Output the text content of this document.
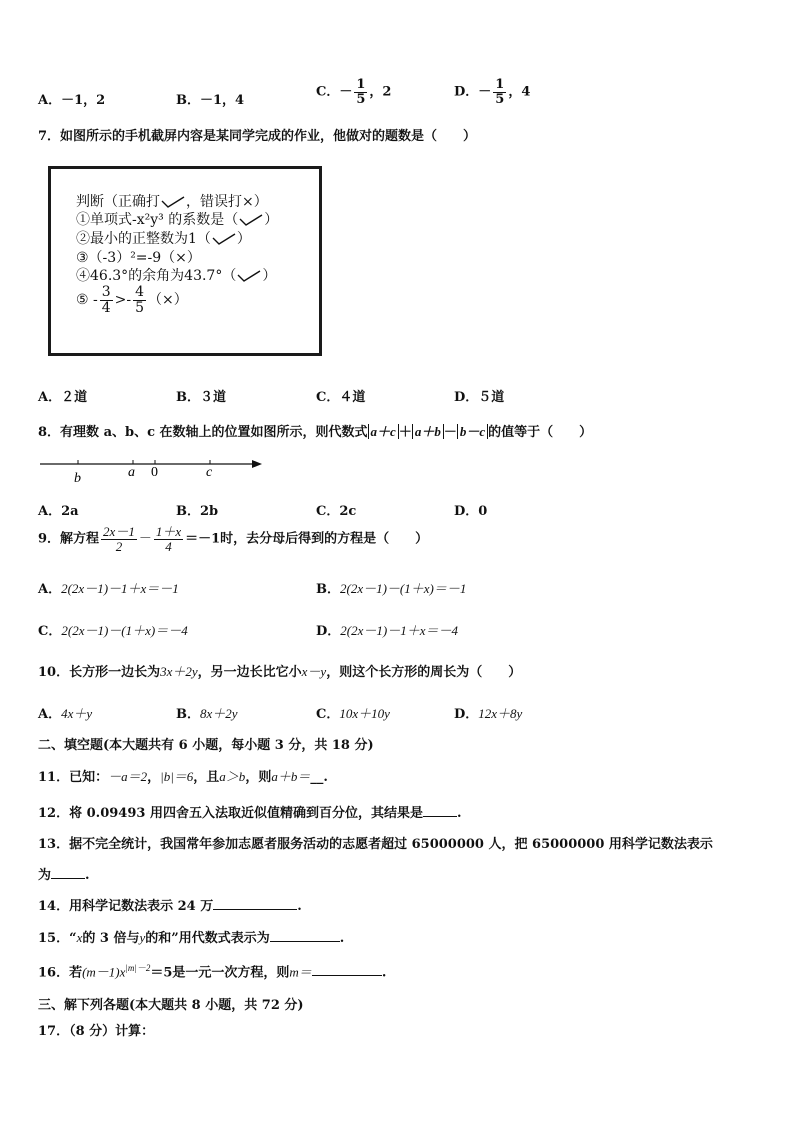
A．－1，2	B．－1，4
C．－ $\frac{1}{5}$ ，2	D．－ $\frac{1}{5}$ ，4
7．如图所示的手机截屏内容是某同学完成的作业，他做对的题数是（　　）
判断（正确打 ，错误打×）
①单项式-x²y³ 的系数是（ ）
②最小的正整数为1（ ）
③（-3）²=-9（×）
④46.3°的余角为43.7°（ ）
⑤ - $\frac{3}{4} >- \frac{4}{5}$ （×）
A．２道	B．３道	C．４道	D．５道
8．有理数 a、b、c 在数轴上的位置如图所示，则代数式 a＋c ＋ a＋b － b－c 的值等于（　　）
b	a 0	c
A．2a	B．2b	C．2c	D．0
9．解方程 $\frac{2x-1}{2} - \frac{1+x}{4} =-1$时，去分母后得到的方程是（　　）
A．2(2x－1)－1＋x＝－1	B．2(2x－1)－(1＋x)＝－1
C．2(2x－1)－(1＋x)＝－4	D．2(2x－1)－1＋x＝－4
10．长方形一边长为3x＋2y，另一边长比它小x－y，则这个长方形的周长为（　　）
A．4x＋y	B．8x＋2y	C．10x＋10y	D．12x＋8y
二、填空题(本大题共有 6 小题，每小题 3 分，共 18 分)
11．已知：－a＝2，|b|＝6，且a＞b，则a＋b＝__.
12．将 0.09493 用四舍五入法取近似值精确到百分位，其结果是	.
13．据不完全统计，我国常年参加志愿者服务活动的志愿者超过 65000000 人，把 65000000 用科学记数法表示
为	.
14．用科学记数法表示 24 万	.
15．“x的 3 倍与y的和”用代数式表示为	.
16．若$(m-1)x^{|m|-2}=5$是一元一次方程，则m＝	.
三、解下列各题(本大题共 8 小题，共 72 分)
17．（8 分）计算：
